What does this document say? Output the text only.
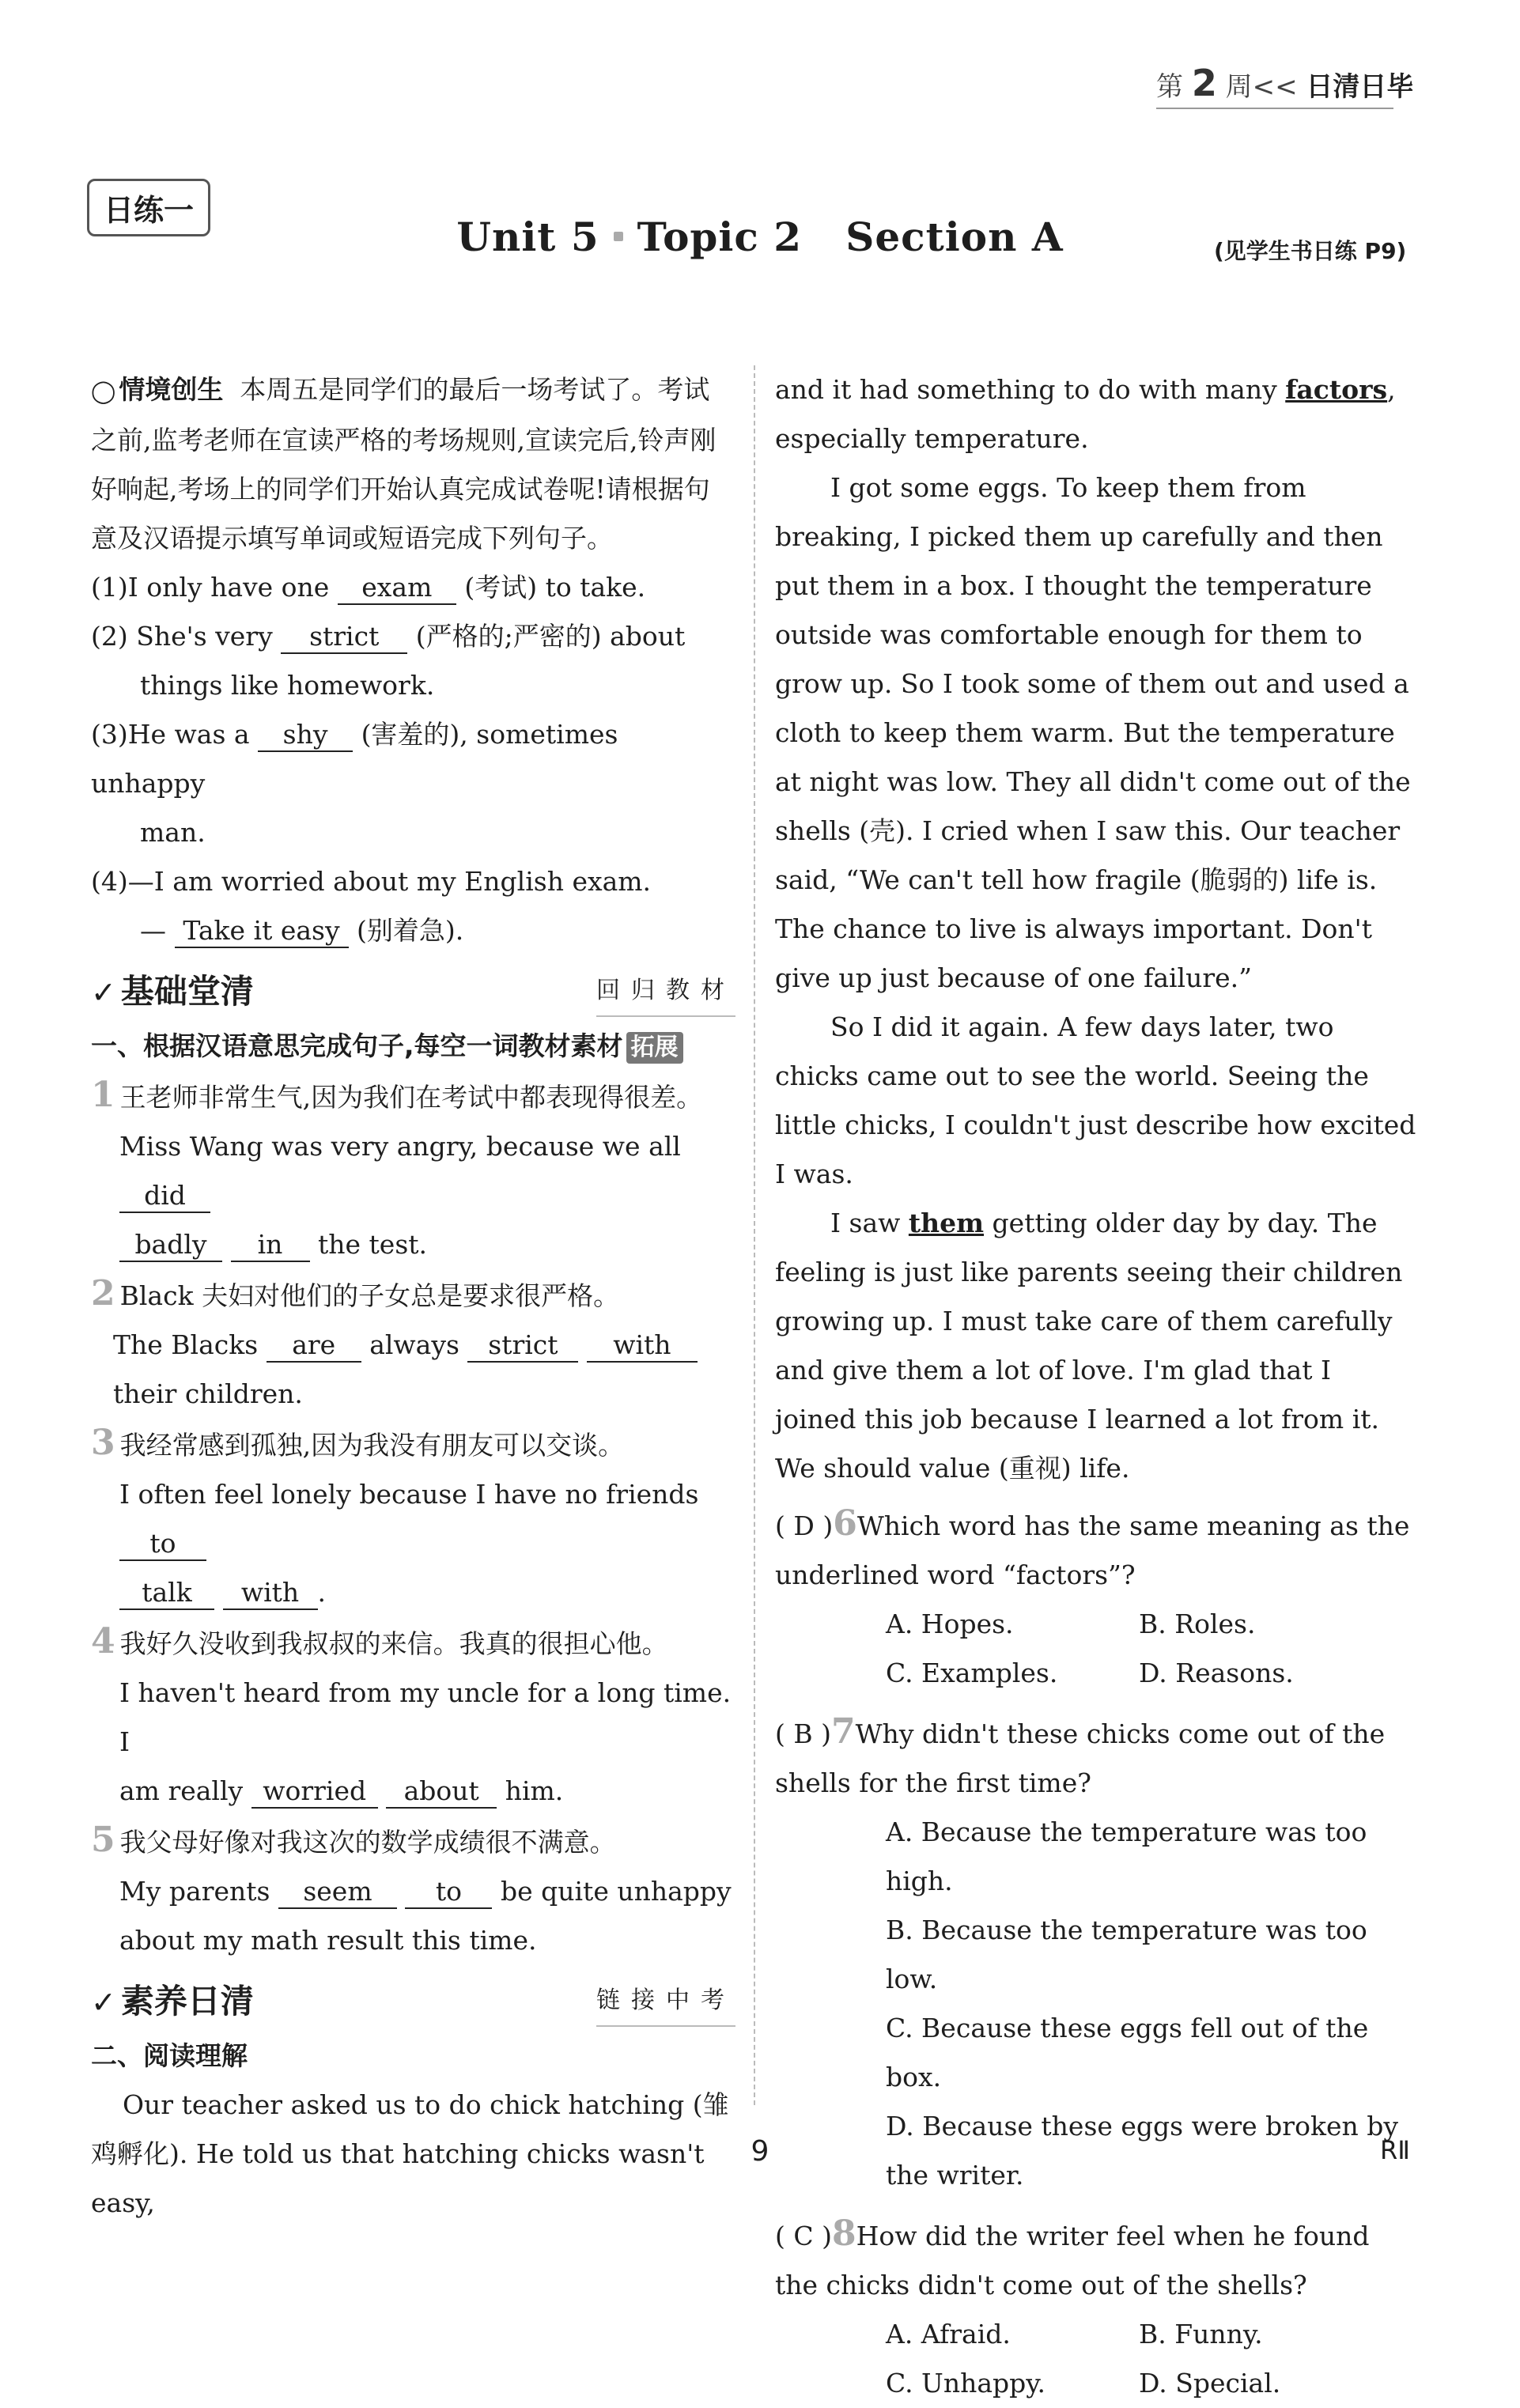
第 2 周<< 日清日毕
日练一
Unit 5 Topic 2 Section A	(见学生书日练 P9)

◯ 情境创生 本周五是同学们的最后一场考试了。考试之前,监考老师在宣读严格的考场规则,宣读完后,铃声刚好响起,考场上的同学们开始认真完成试卷呢!请根据句意及汉语提示填写单词或短语完成下列句子。

(1)I only have one exam (考试) to take.

(2) She's very strict (严格的;严密的) about

things like homework.

(3)He was a shy (害羞的), sometimes unhappy

man.

(4)—I am worried about my English exam.

— Take it easy (别着急).

✓ 基础堂清	回归教材

一、根据汉语意思完成句子,每空一词教材素材 拓展

1 王老师非常生气,因为我们在考试中都表现得很差。

Miss Wang was very angry, because we all did

badly in the test.

2 Black 夫妇对他们的子女总是要求很严格。

The Blacks are always strict with

their children.

3 我经常感到孤独,因为我没有朋友可以交谈。

I often feel lonely because I have no friends to

talk with .

4 我好久没收到我叔叔的来信。我真的很担心他。

I haven't heard from my uncle for a long time. I

am really worried about him.

5 我父母好像对我这次的数学成绩很不满意。

My parents seem to be quite unhappy

about my math result this time.

✓ 素养日清	链接中考

二、阅读理解

Our teacher asked us to do chick hatching (雏鸡孵化). He told us that hatching chicks wasn't easy,

and it had something to do with many factors, especially temperature.

I got some eggs. To keep them from breaking, I picked them up carefully and then put them in a box. I thought the temperature outside was comfortable enough for them to grow up. So I took some of them out and used a cloth to keep them warm. But the temperature at night was low. They all didn't come out of the shells (壳). I cried when I saw this. Our teacher said, “We can't tell how fragile (脆弱的) life is. The chance to live is always important. Don't give up just because of one failure.”

So I did it again. A few days later, two chicks came out to see the world. Seeing the little chicks, I couldn't just describe how excited I was.

I saw them getting older day by day. The feeling is just like parents seeing their children growing up. I must take care of them carefully and give them a lot of love. I'm glad that I joined this job because I learned a lot from it. We should value (重视) life.

( D )6Which word has the same meaning as the underlined word “factors”?

A. Hopes.	B. Roles.
C. Examples.	D. Reasons.

( B )7Why didn't these chicks come out of the shells for the first time?

A. Because the temperature was too high.

B. Because the temperature was too low.

C. Because these eggs fell out of the box.

D. Because these eggs were broken by the writer.

( C )8How did the writer feel when he found the chicks didn't come out of the shells?

A. Afraid.	B. Funny.
C. Unhappy.	D. Special.
9	RⅡ
